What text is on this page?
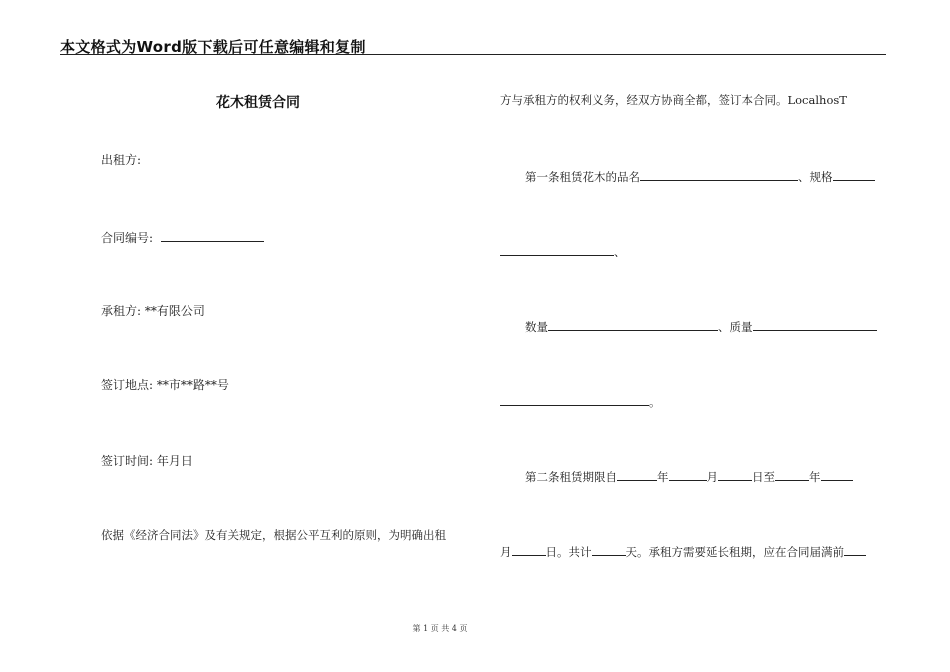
本文格式为Word版下载后可任意编辑和复制
花木租赁合同
出租方:
合同编号:
承租方: **有限公司
签订地点: **市**路**号
签订时间: 年月日
依据《经济合同法》及有关规定，根据公平互利的原则，为明确出租
方与承租方的权利义务，经双方协商全都，签订本合同。LocalhosT
第一条租赁花木的品名	、规格
、
数量	、质量
。
第二条租赁期限自	年	月	日至	年
月	日。共计	天。承租方需要延长租期，应在合同届满前
第 1 页 共 4 页
